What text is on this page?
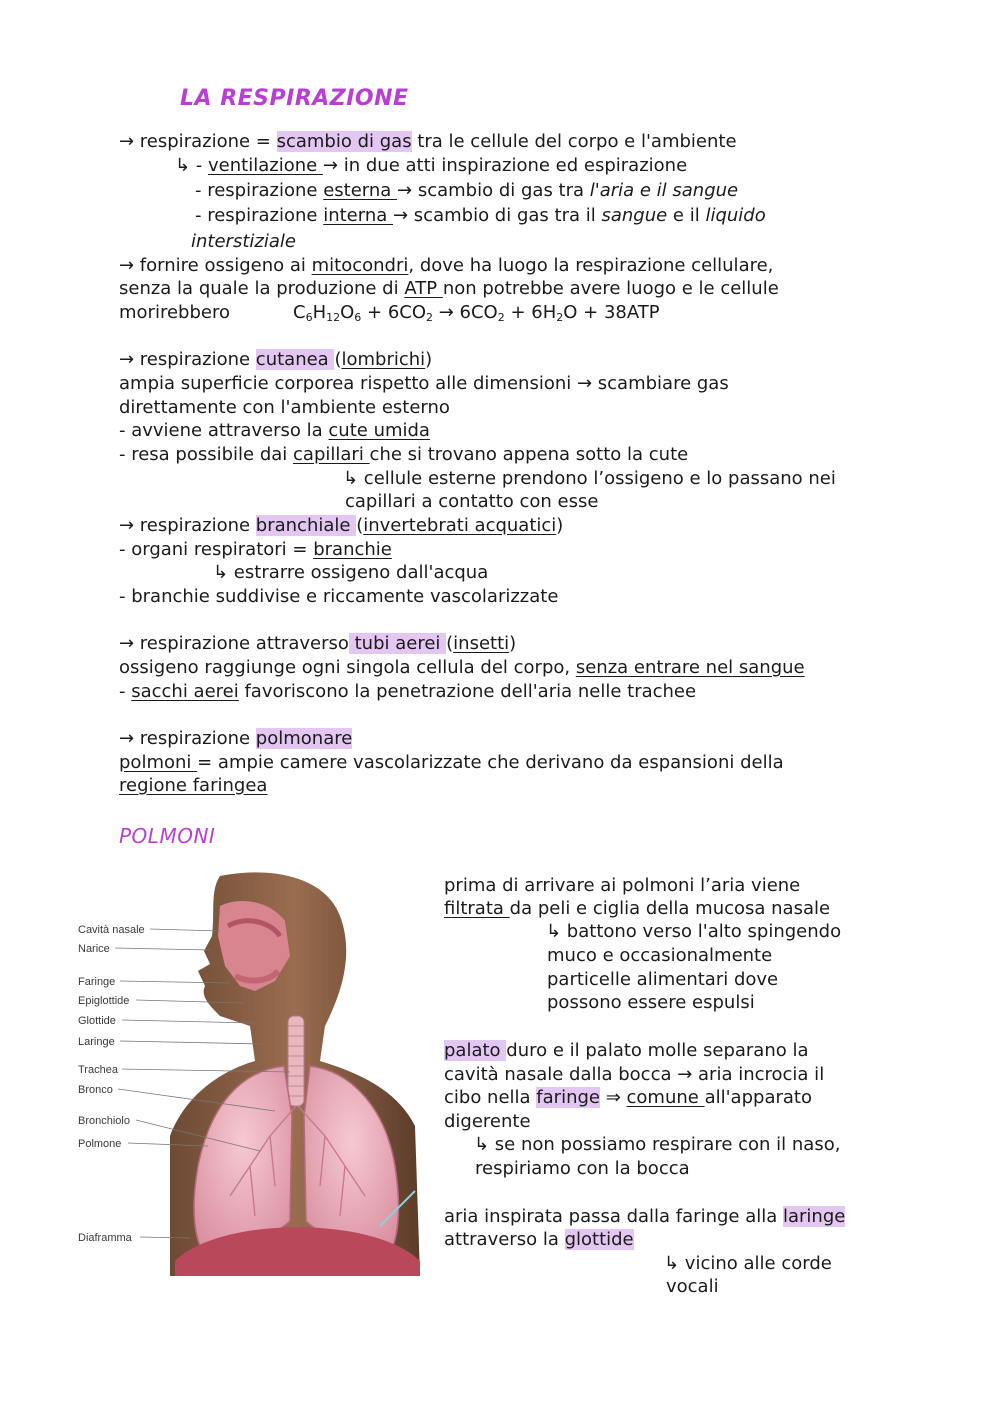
LA RESPIRAZIONE
→ respirazione = scambio di gas tra le cellule del corpo e l'ambiente
↳ - ventilazione → in due atti inspirazione ed espirazione
- respirazione esterna → scambio di gas tra l'aria e il sangue
- respirazione interna → scambio di gas tra il sangue e il liquido
interstiziale
→ fornire ossigeno ai mitocondri, dove ha luogo la respirazione cellulare,
senza la quale la produzione di ATP non potrebbe avere luogo e le cellule
morirebbero	$C_6H_{12}O_6 + 6CO_2 \to 6CO_2 + 6H_2O + 38ATP$
→ respirazione cutanea (lombrichi)
ampia superficie corporea rispetto alle dimensioni → scambiare gas
direttamente con l'ambiente esterno
- avviene attraverso la cute umida
- resa possibile dai capillari che si trovano appena sotto la cute
↳ cellule esterne prendono l’ossigeno e lo passano nei
capillari a contatto con esse
→ respirazione branchiale (invertebrati acquatici)
- organi respiratori = branchie
↳ estrarre ossigeno dall'acqua
- branchie suddivise e riccamente vascolarizzate
→ respirazione attraverso tubi aerei (insetti)
ossigeno raggiunge ogni singola cellula del corpo, senza entrare nel sangue
- sacchi aerei favoriscono la penetrazione dell'aria nelle trachee
→ respirazione polmonare
polmoni = ampie camere vascolarizzate che derivano da espansioni della
regione faringea
POLMONI
Cavità nasale
Narice
Faringe
Epiglottide
Glottide
Laringe
Trachea
Bronco
Bronchiolo
Polmone
Diaframma
prima di arrivare ai polmoni l’aria viene
filtrata da peli e ciglia della mucosa nasale
↳ battono verso l'alto spingendo
muco e occasionalmente
particelle alimentari dove
possono essere espulsi
palato duro e il palato molle separano la
cavità nasale dalla bocca → aria incrocia il
cibo nella faringe ⇒ comune all'apparato
digerente
↳ se non possiamo respirare con il naso,
respiriamo con la bocca
aria inspirata passa dalla faringe alla laringe
attraverso la glottide
↳ vicino alle corde
vocali
